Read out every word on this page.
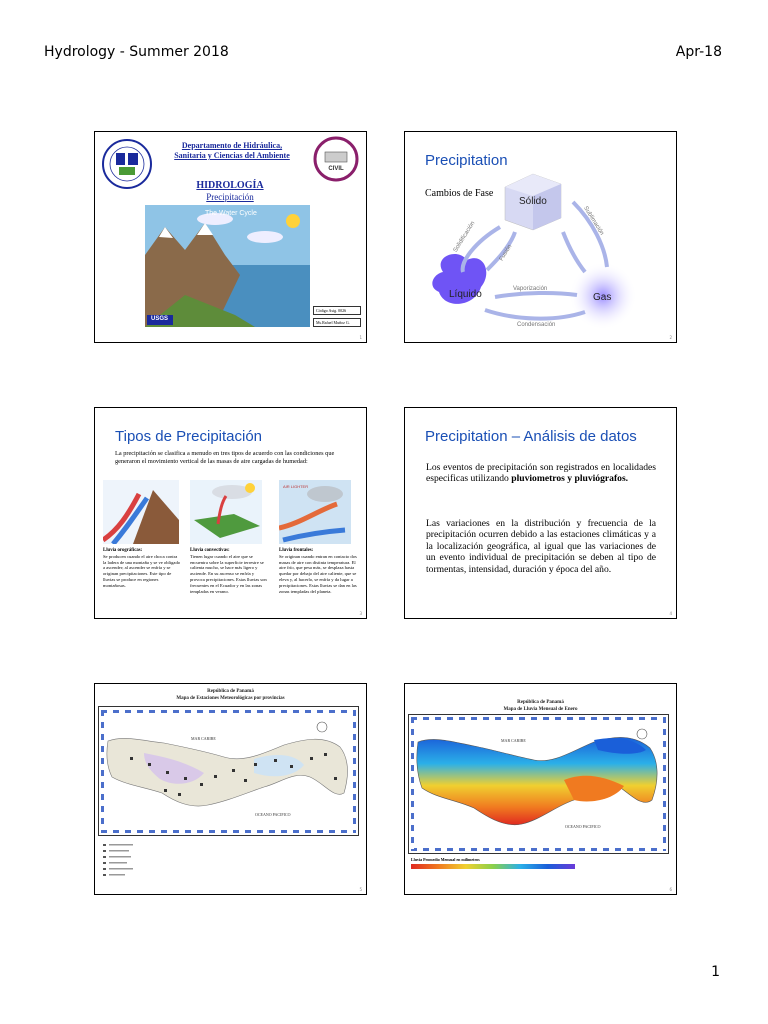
Hydrology - Summer 2018	Apr-18
Departamento de Hidráulica,
Sanitaria y Ciencias del Ambiente
CIVIL
HIDROLOGÍA
Precipitación
The Water Cycle
USGS
Código Asig. 0026
Ms.Rafael Muñoz G.
1
Precipitation
Cambios de Fase
Sólido
Líquido	Gas
Solidificación	Fusión
Sublimación
Vaporización
Condensación
2
Tipos de Precipitación

La precipitación se clasifica a menudo en tres tipos de acuerdo con las condiciones que generaron el movimiento vertical de las masas de aire cargadas de humedad:

AIR LIGHTER
Lluvia orográficas:
Se producen cuando el aire choca contra la ladera de una montaña y se ve obligado a ascender; al ascender se enfría y se originan precipitaciones. Este tipo de lluvias se produce en regiones montañosas.
Lluvia convectivas:
Tienen lugar cuando el aire que se encuentra sobre la superficie terrestre se calienta mucho, se hace más ligero y asciende. En su ascenso se enfría y provoca precipitaciones. Estas lluvias son frecuentes en el Ecuador y en las zonas templadas en verano.
Lluvia frontales:
Se originan cuando entran en contacto dos masas de aire con distinta temperatura. El aire frío, que pesa más, se desplaza hasta quedar por debajo del aire caliente, que se eleva y, al hacerlo, se enfría y da lugar a precipitaciones. Estas lluvias se dan en las zonas templadas del planeta.
3
Precipitation – Análisis de datos

Los eventos de precipitación son registrados en localidades especificas utilizando pluviometros y pluviógrafos.

Las variaciones en la distribución y frecuencia de la precipitación ocurren debido a las estaciones climáticas y a la localización geográfica, al igual que las variaciones de un evento individual de precipitación se deben al tipo de tormentas, intensidad, duración y época del año.

4
República de Panamá
Mapa de Estaciones Meteorológicas por provincias
MAR CARIBE
OCEANO PACIFICO
5
República de Panamá
Mapa de Lluvia Mensual de Enero
MAR CARIBE
OCEANO PACIFICO
Lluvia Promedio Mensual en milímetros
6
1
